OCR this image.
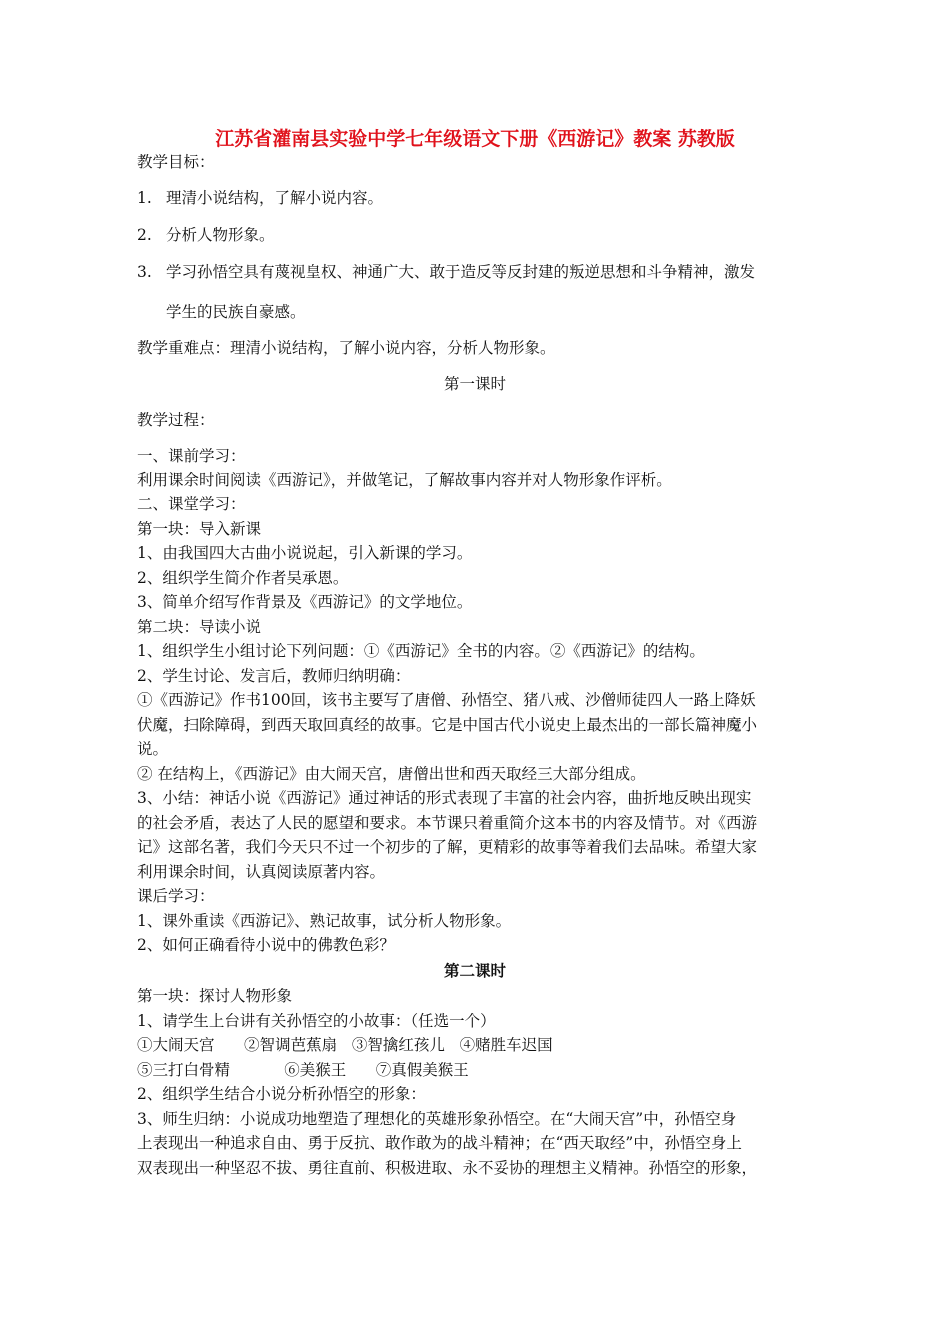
江苏省灌南县实验中学七年级语文下册《西游记》教案 苏教版
教学目标：
1. 理清小说结构，了解小说内容。
2. 分析人物形象。
3. 学习孙悟空具有蔑视皇权、神通广大、敢于造反等反封建的叛逆思想和斗争精神，激发
学生的民族自豪感。
教学重难点：理清小说结构，了解小说内容，分析人物形象。
第一课时
教学过程：
一、课前学习：
利用课余时间阅读《西游记》，并做笔记，了解故事内容并对人物形象作评析。
二、课堂学习：
第一块：导入新课
1、由我国四大古曲小说说起，引入新课的学习。
2、组织学生简介作者吴承恩。
3、简单介绍写作背景及《西游记》的文学地位。
第二块：导读小说
1、组织学生小组讨论下列问题：①《西游记》全书的内容。②《西游记》的结构。
2、学生讨论、发言后，教师归纳明确：
①《西游记》作书100回，该书主要写了唐僧、孙悟空、猪八戒、沙僧师徒四人一路上降妖
伏魔，扫除障碍，到西天取回真经的故事。它是中国古代小说史上最杰出的一部长篇神魔小
说。
② 在结构上，《西游记》由大闹天宫，唐僧出世和西天取经三大部分组成。
3、小结：神话小说《西游记》通过神话的形式表现了丰富的社会内容，曲折地反映出现实
的社会矛盾，表达了人民的愿望和要求。本节课只着重简介这本书的内容及情节。对《西游
记》这部名著，我们今天只不过一个初步的了解，更精彩的故事等着我们去品味。希望大家
利用课余时间，认真阅读原著内容。
课后学习：
1、课外重读《西游记》、熟记故事，试分析人物形象。
2、如何正确看待小说中的佛教色彩？
第二课时
第一块：探讨人物形象
1、请学生上台讲有关孙悟空的小故事：（任选一个）
①大闹天宫      ②智调芭蕉扇   ③智擒红孩儿   ④赌胜车迟国
⑤三打白骨精           ⑥美猴王      ⑦真假美猴王
2、组织学生结合小说分析孙悟空的形象：
3、师生归纳：小说成功地塑造了理想化的英雄形象孙悟空。在“大闹天宫”中，孙悟空身
上表现出一种追求自由、勇于反抗、敢作敢为的战斗精神；在“西天取经”中，孙悟空身上
双表现出一种坚忍不拔、勇往直前、积极进取、永不妥协的理想主义精神。孙悟空的形象，
